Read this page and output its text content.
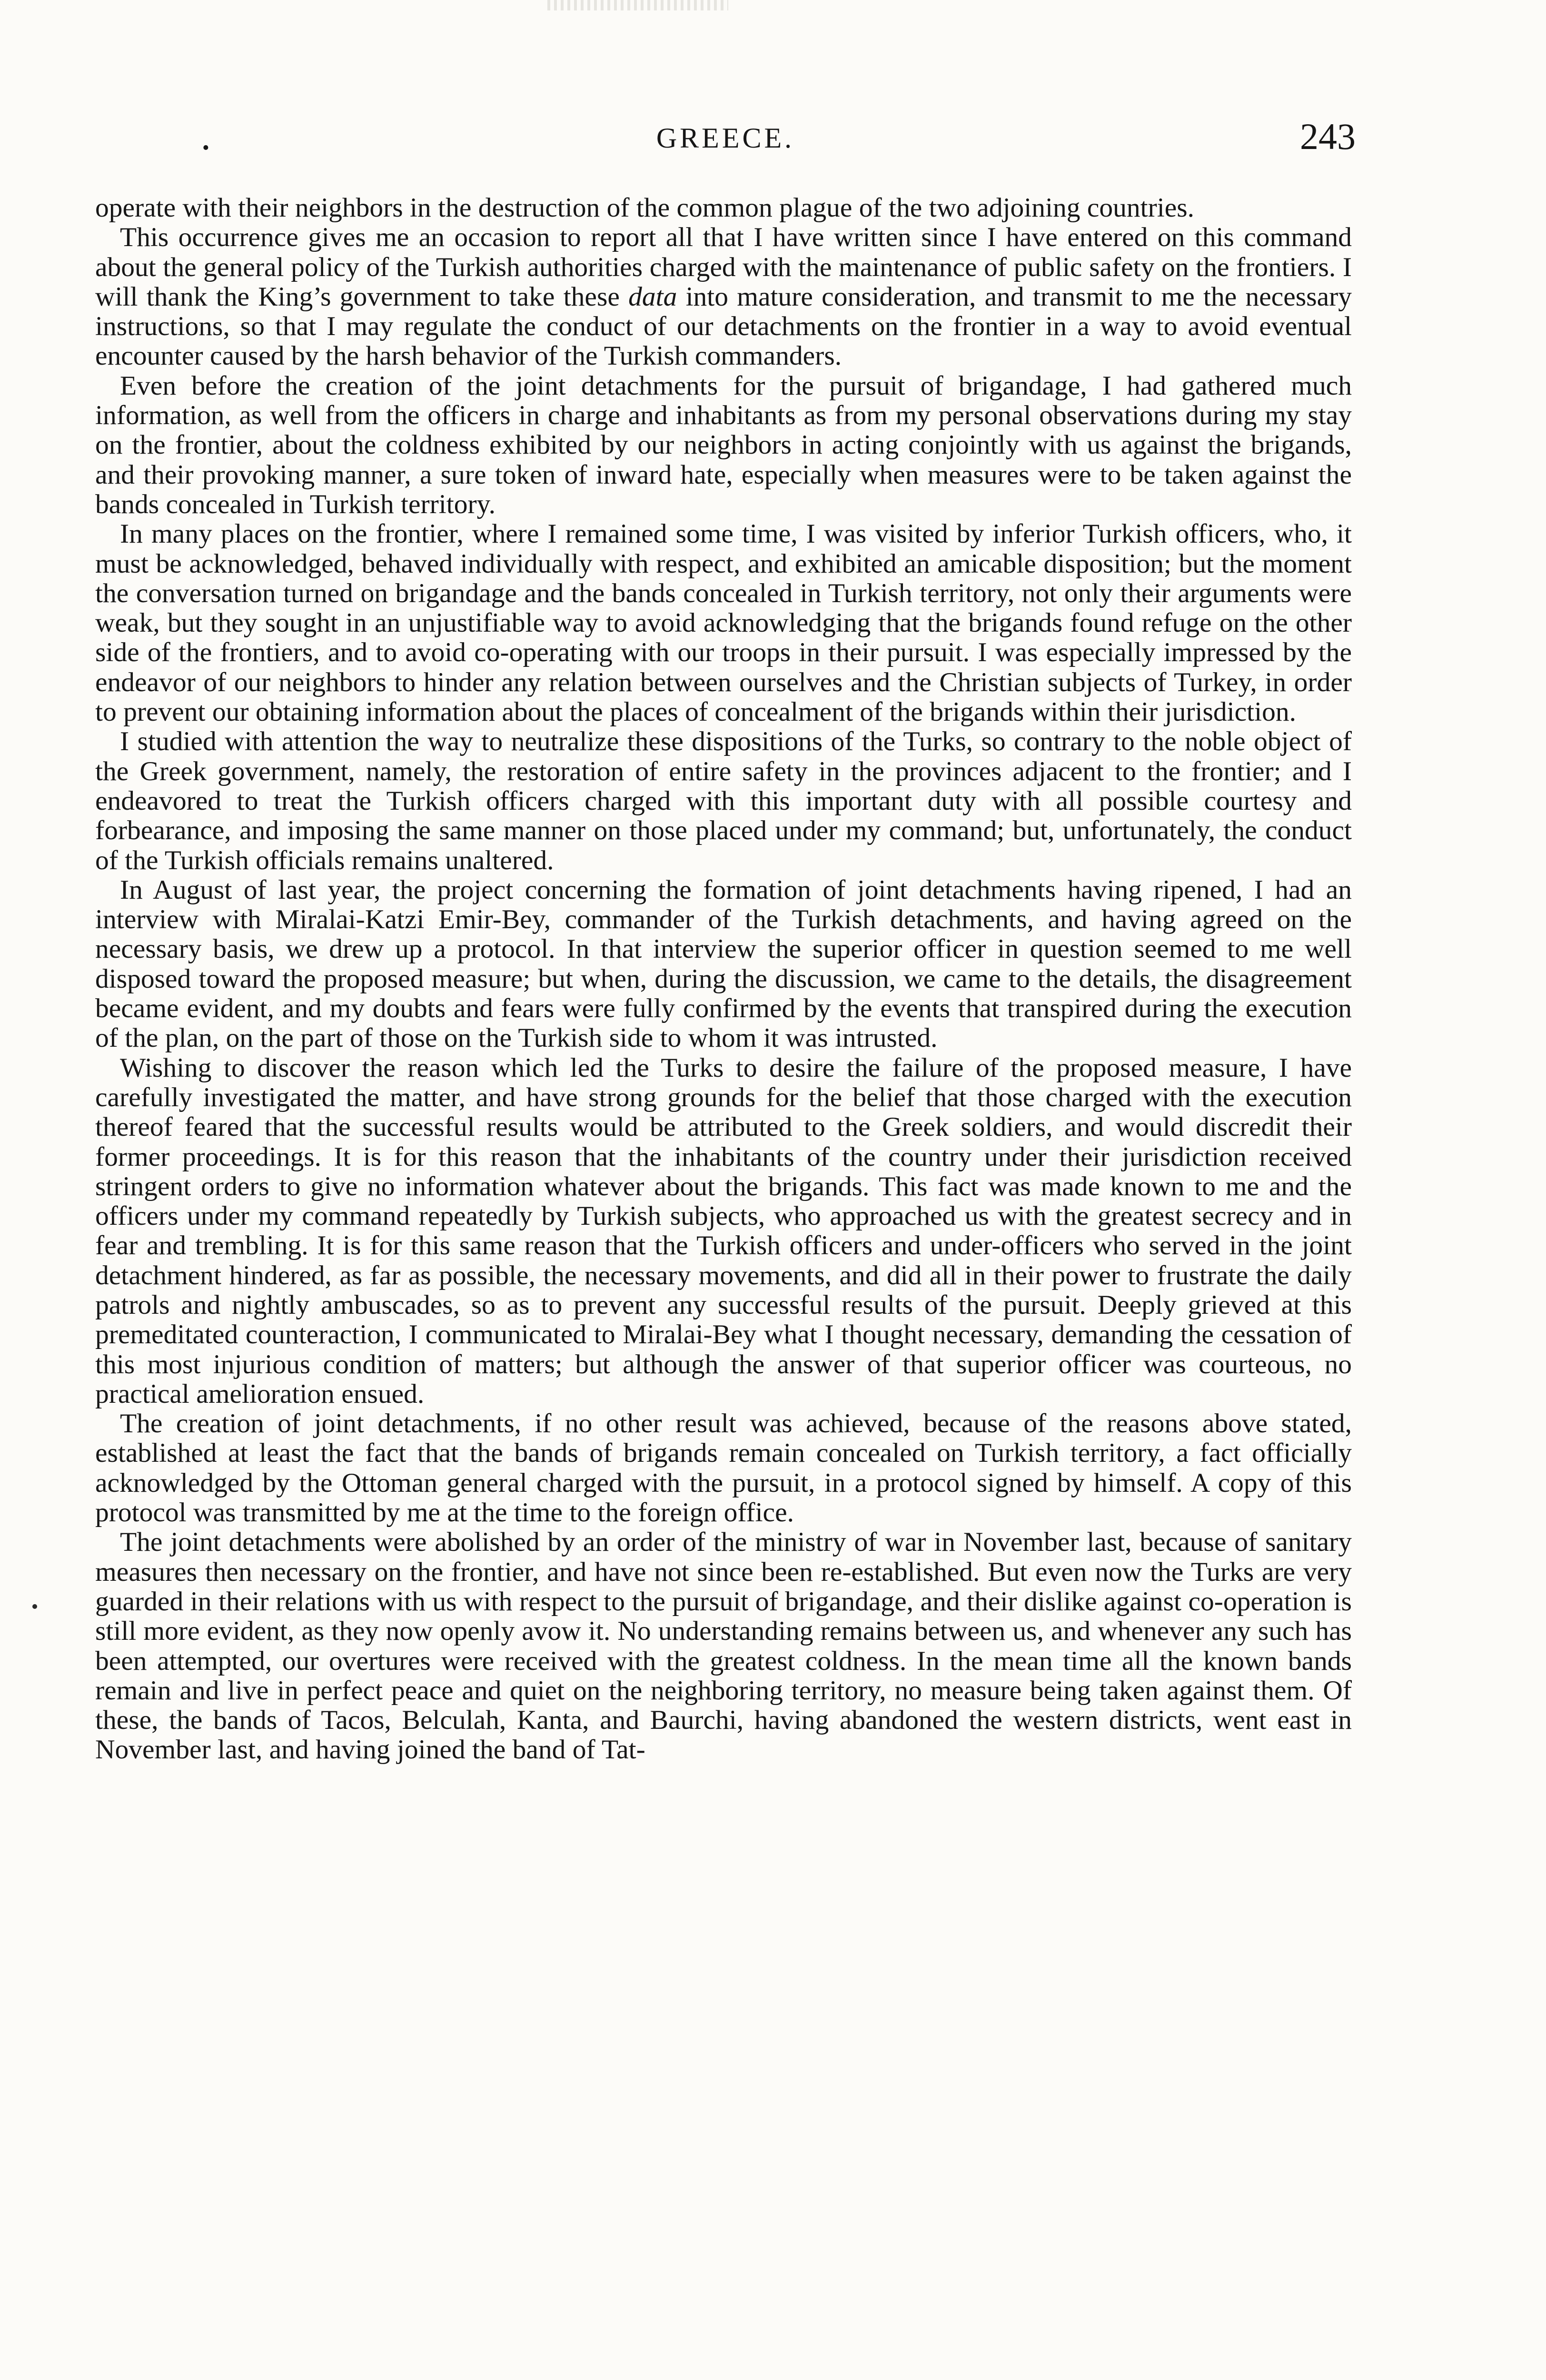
•	GREECE.	243

operate with their neighbors in the destruction of the common plague of the two adjoining countries.

This occurrence gives me an occasion to report all that I have written since I have entered on this command about the general policy of the Turkish authorities charged with the maintenance of public safety on the frontiers. I will thank the King’s government to take these data into mature consideration, and transmit to me the necessary instructions, so that I may regulate the conduct of our detachments on the frontier in a way to avoid eventual encounter caused by the harsh behavior of the Turkish commanders.

Even before the creation of the joint detachments for the pursuit of brigandage, I had gathered much information, as well from the officers in charge and inhabitants as from my personal observations during my stay on the frontier, about the coldness exhibited by our neighbors in acting conjointly with us against the brigands, and their provoking manner, a sure token of inward hate, especially when measures were to be taken against the bands concealed in Turkish territory.

In many places on the frontier, where I remained some time, I was visited by inferior Turkish officers, who, it must be acknowledged, behaved individually with respect, and exhibited an amicable disposition; but the moment the conversation turned on brigandage and the bands concealed in Turkish territory, not only their arguments were weak, but they sought in an unjustifiable way to avoid acknowledging that the brigands found refuge on the other side of the frontiers, and to avoid co-operating with our troops in their pursuit. I was especially impressed by the endeavor of our neighbors to hinder any relation between ourselves and the Christian subjects of Turkey, in order to prevent our obtaining information about the places of concealment of the brigands within their jurisdiction.

I studied with attention the way to neutralize these dispositions of the Turks, so contrary to the noble object of the Greek government, namely, the restoration of entire safety in the provinces adjacent to the frontier; and I endeavored to treat the Turkish officers charged with this important duty with all possible courtesy and forbearance, and imposing the same manner on those placed under my command; but, unfortunately, the conduct of the Turkish officials remains unaltered.

In August of last year, the project concerning the formation of joint detachments having ripened, I had an interview with Miralai-Katzi Emir-Bey, commander of the Turkish detachments, and having agreed on the necessary basis, we drew up a protocol. In that interview the superior officer in question seemed to me well disposed toward the proposed measure; but when, during the discussion, we came to the details, the disagreement became evident, and my doubts and fears were fully confirmed by the events that transpired during the execution of the plan, on the part of those on the Turkish side to whom it was intrusted.

Wishing to discover the reason which led the Turks to desire the failure of the proposed measure, I have carefully investigated the matter, and have strong grounds for the belief that those charged with the execution thereof feared that the successful results would be attributed to the Greek soldiers, and would discredit their former proceedings. It is for this reason that the inhabitants of the country under their jurisdiction received stringent orders to give no information whatever about the brigands. This fact was made known to me and the officers under my command repeatedly by Turkish subjects, who approached us with the greatest secrecy and in fear and trembling. It is for this same reason that the Turkish officers and under-officers who served in the joint detachment hindered, as far as possible, the necessary movements, and did all in their power to frustrate the daily patrols and nightly ambuscades, so as to prevent any successful results of the pursuit. Deeply grieved at this premeditated counteraction, I communicated to Miralai-Bey what I thought necessary, demanding the cessation of this most injurious condition of matters; but although the answer of that superior officer was courteous, no practical amelioration ensued.

The creation of joint detachments, if no other result was achieved, because of the reasons above stated, established at least the fact that the bands of brigands remain concealed on Turkish territory, a fact officially acknowledged by the Ottoman general charged with the pursuit, in a protocol signed by himself. A copy of this protocol was transmitted by me at the time to the foreign office.

The joint detachments were abolished by an order of the ministry of war in November last, because of sanitary measures then necessary on the frontier, and have not since been re-established. But even now the Turks are very guarded in their relations with us with respect to the pursuit of brigandage, and their dislike against co-operation is still more evident, as they now openly avow it. No understanding remains between us, and whenever any such has been attempted, our overtures were received with the greatest coldness. In the mean time all the known bands remain and live in perfect peace and quiet on the neighboring territory, no measure being taken against them. Of these, the bands of Tacos, Belculah, Kanta, and Baurchi, having abandoned the western districts, went east in November last, and having joined the band of Tat-
